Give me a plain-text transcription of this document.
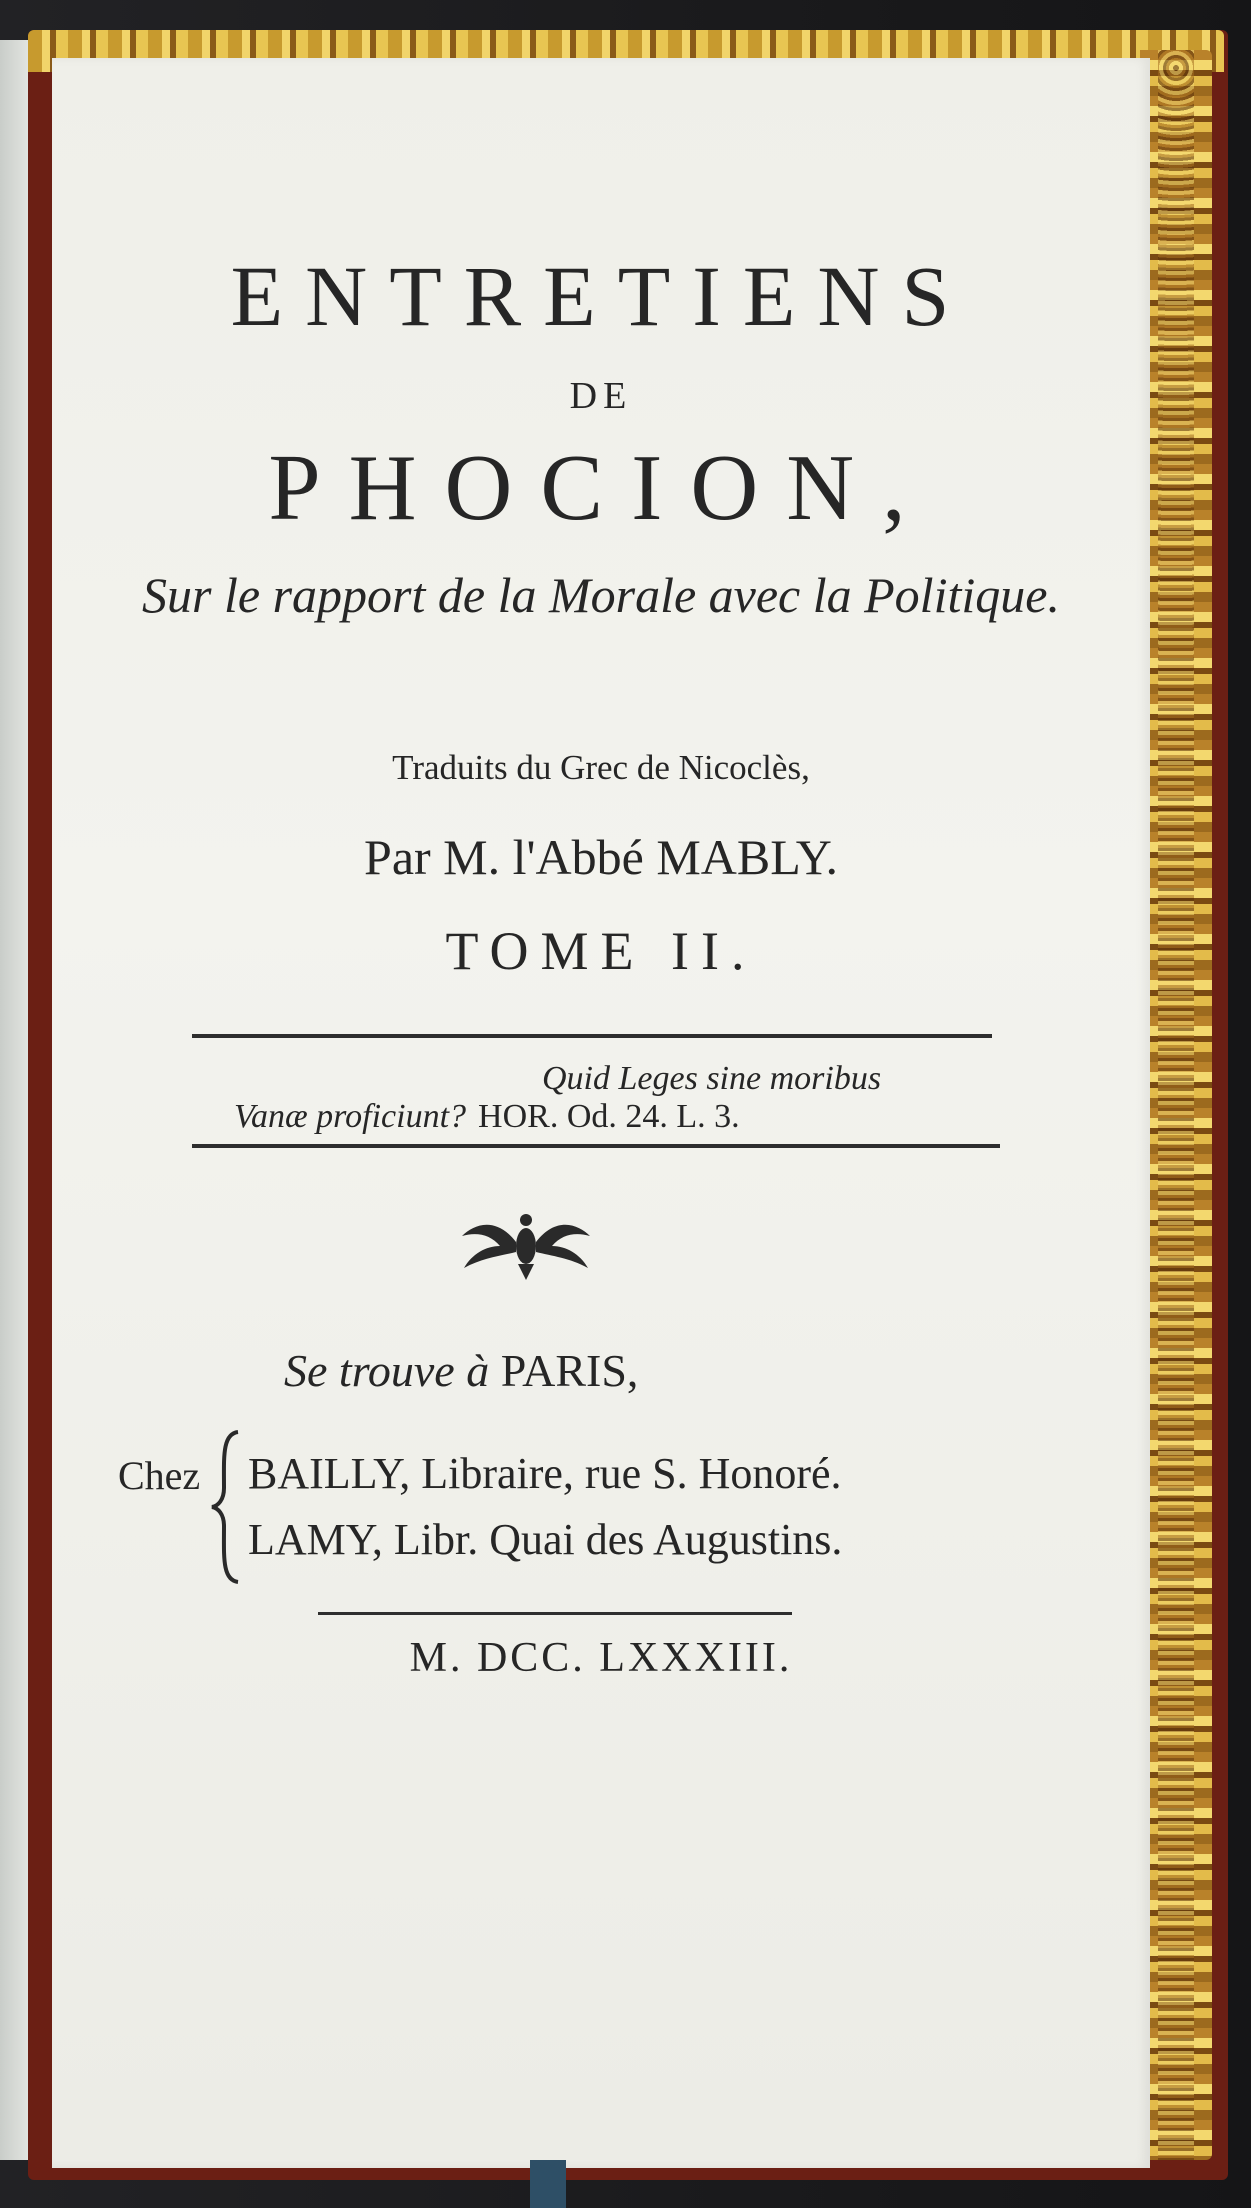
ENTRETIENS
DE
PHOCION,
Sur le rapport de la Morale avec la Politique.
Traduits du Grec de Nicoclès,
Par M. l'Abbé MABLY.
TOME II.
Quid Leges sine moribus
Vanæ proficiunt? HOR. Od. 24. L. 3.
Se trouve à PARIS,
Chez BAILLY, Libraire, rue S. Honoré.
LAMY, Libr. Quai des Augustins.
M. DCC. LXXXIII.
